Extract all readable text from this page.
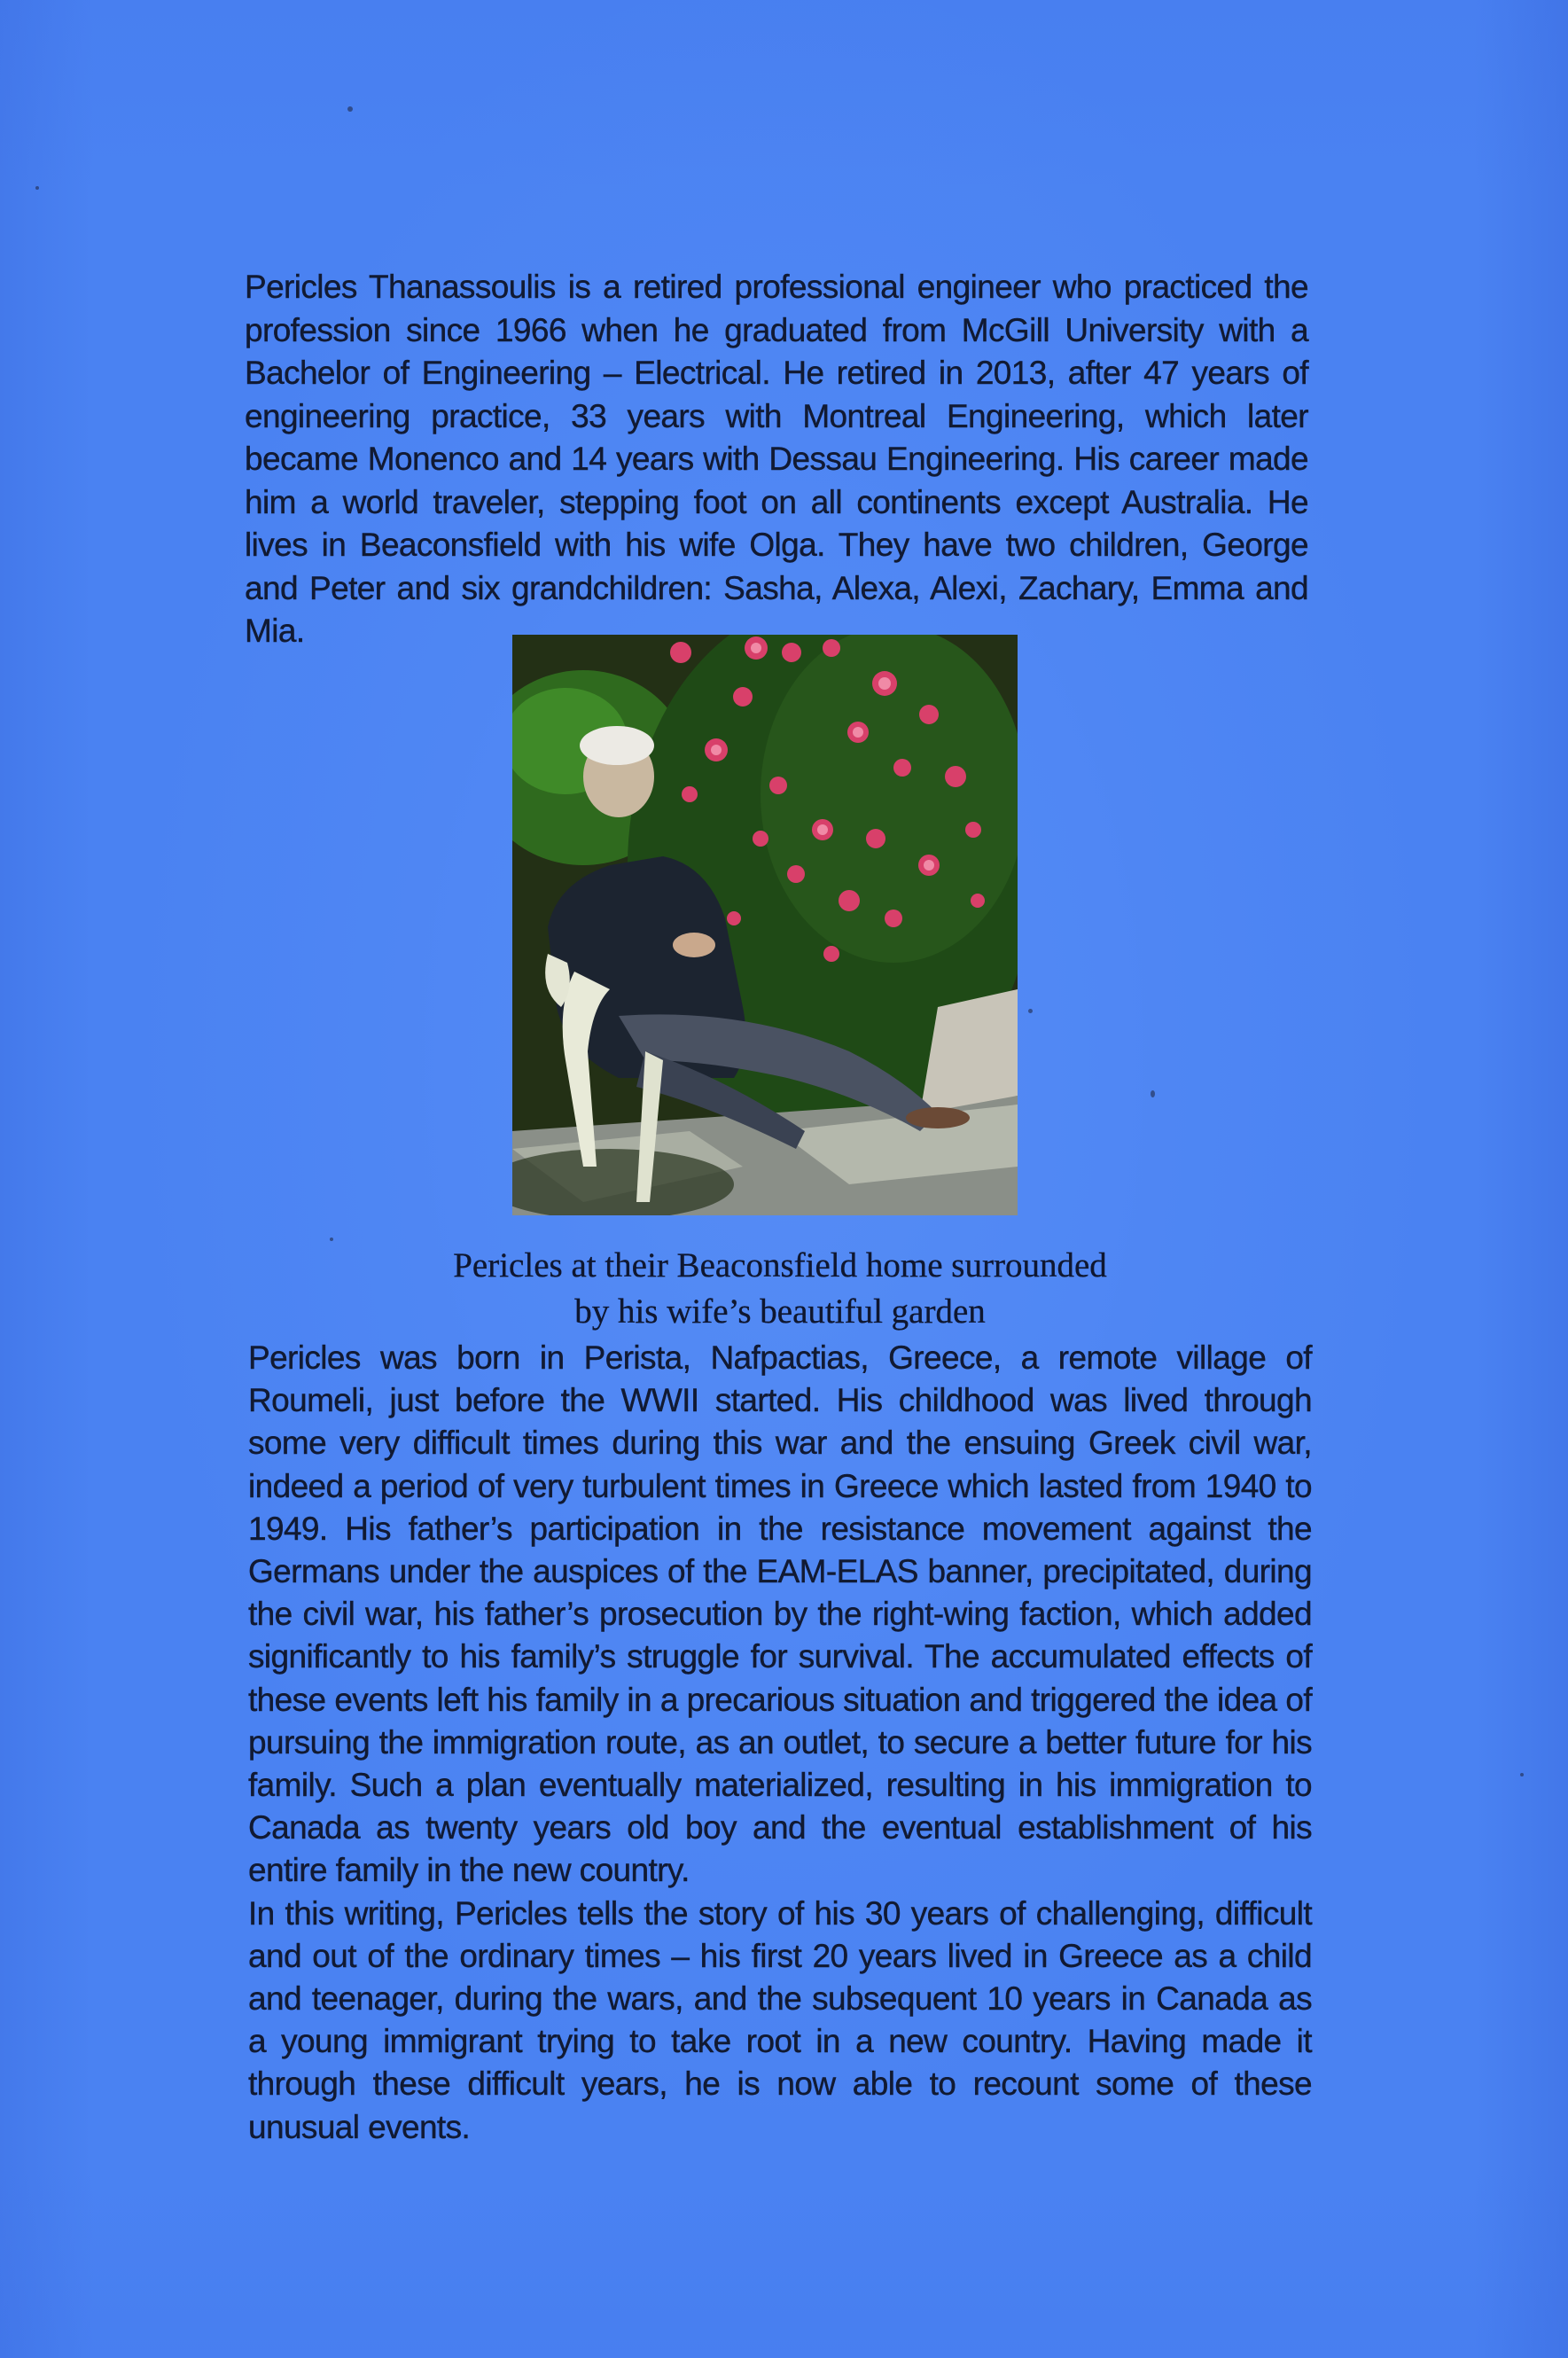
Pericles Thanassoulis is a retired professional engineer who practiced the profession since 1966 when he graduated from McGill University with a Bachelor of Engineering – Electrical. He retired in 2013, after 47 years of engineering practice, 33 years with Montreal Engineering, which later became Monenco and 14 years with Dessau Engineering. His career made him a world traveler, stepping foot on all continents except Australia. He lives in Beaconsfield with his wife Olga. They have two children, George and Peter and six grandchildren: Sasha, Alexa, Alexi, Zachary, Emma and Mia.
Pericles at their Beaconsfield home surrounded
by his wife’s beautiful garden

Pericles was born in Perista, Nafpactias, Greece, a remote village of Roumeli, just before the WWII started. His childhood was lived through some very difficult times during this war and the ensuing Greek civil war, indeed a period of very turbulent times in Greece which lasted from 1940 to 1949. His father’s participation in the resistance movement against the Germans under the auspices of the EAM-ELAS banner, precipitated, during the civil war, his father’s prosecution by the right-wing faction, which added significantly to his family’s struggle for survival. The accumulated effects of these events left his family in a precarious situation and triggered the idea of pursuing the immigration route, as an outlet, to secure a better future for his family. Such a plan eventually materialized, resulting in his immigration to Canada as twenty years old boy and the eventual establishment of his entire family in the new country.

In this writing, Pericles tells the story of his 30 years of challenging, difficult and out of the ordinary times – his first 20 years lived in Greece as a child and teenager, during the wars, and the subsequent 10 years in Canada as a young immigrant trying to take root in a new country. Having made it through these difficult years, he is now able to recount some of these unusual events.
